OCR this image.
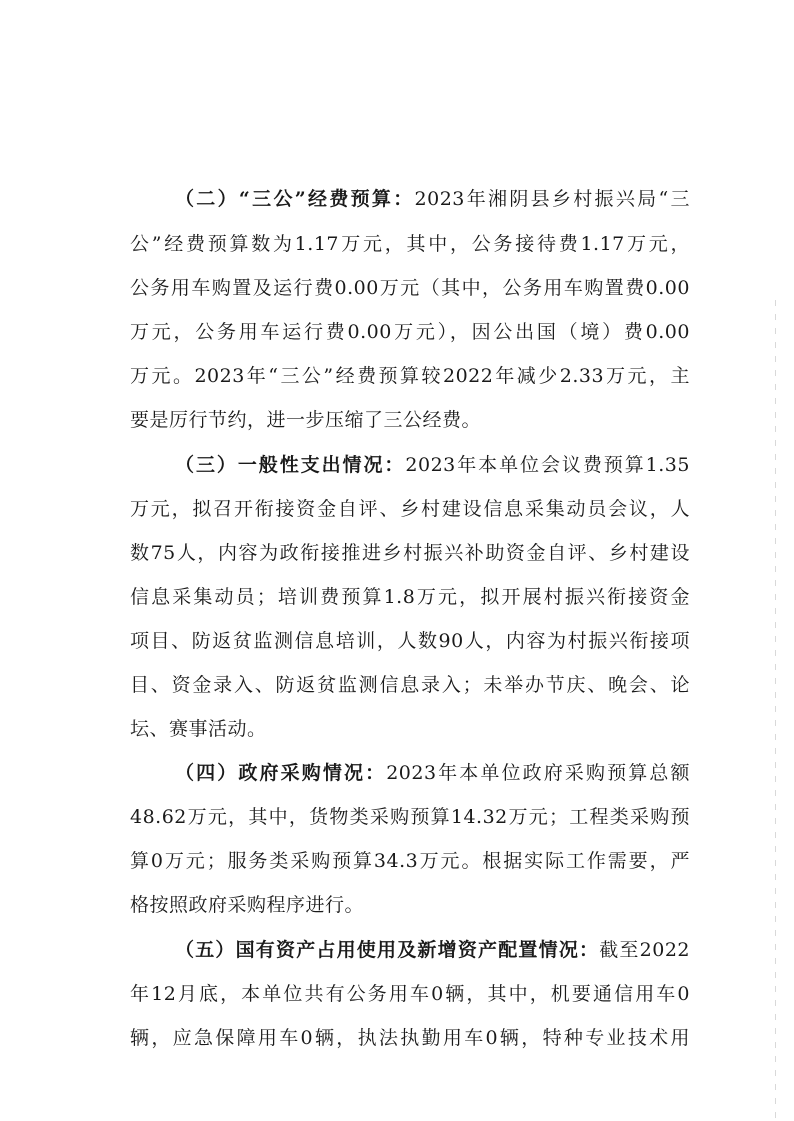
（二）“三公”经费预算：2023年湘阴县乡村振兴局“三
公”经费预算数为1.17万元，其中，公务接待费1.17万元，
公务用车购置及运行费0.00万元（其中，公务用车购置费0.00
万元，公务用车运行费0.00万元），因公出国（境）费0.00
万元。2023年“三公”经费预算较2022年减少2.33万元，主
要是厉行节约，进一步压缩了三公经费。
（三）一般性支出情况：2023年本单位会议费预算1.35
万元，拟召开衔接资金自评、乡村建设信息采集动员会议，人
数75人，内容为政衔接推进乡村振兴补助资金自评、乡村建设
信息采集动员；培训费预算1.8万元，拟开展村振兴衔接资金
项目、防返贫监测信息培训，人数90人，内容为村振兴衔接项
目、资金录入、防返贫监测信息录入；未举办节庆、晚会、论
坛、赛事活动。
（四）政府采购情况：2023年本单位政府采购预算总额
48.62万元，其中，货物类采购预算14.32万元；工程类采购预
算0万元；服务类采购预算34.3万元。根据实际工作需要，严
格按照政府采购程序进行。
（五）国有资产占用使用及新增资产配置情况：截至2022
年12月底，本单位共有公务用车0辆，其中，机要通信用车0
辆，应急保障用车0辆，执法执勤用车0辆，特种专业技术用
